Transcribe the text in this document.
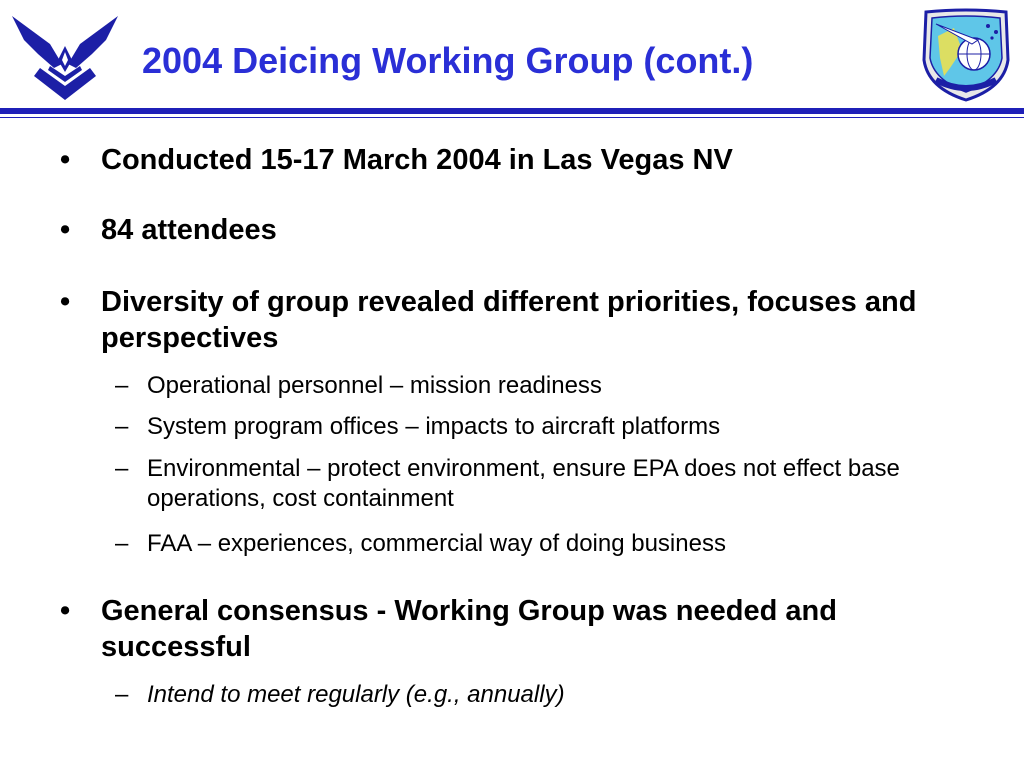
2004 Deicing Working Group (cont.)
• Conducted 15-17 March 2004 in Las Vegas NV
• 84 attendees
• Diversity of group revealed different priorities, focuses and perspectives
– Operational personnel – mission readiness
– System program offices – impacts to aircraft platforms
– Environmental – protect environment, ensure EPA does not effect base operations, cost containment
– FAA – experiences, commercial way of doing business
• General consensus - Working Group was needed and successful
– Intend to meet regularly (e.g., annually)
